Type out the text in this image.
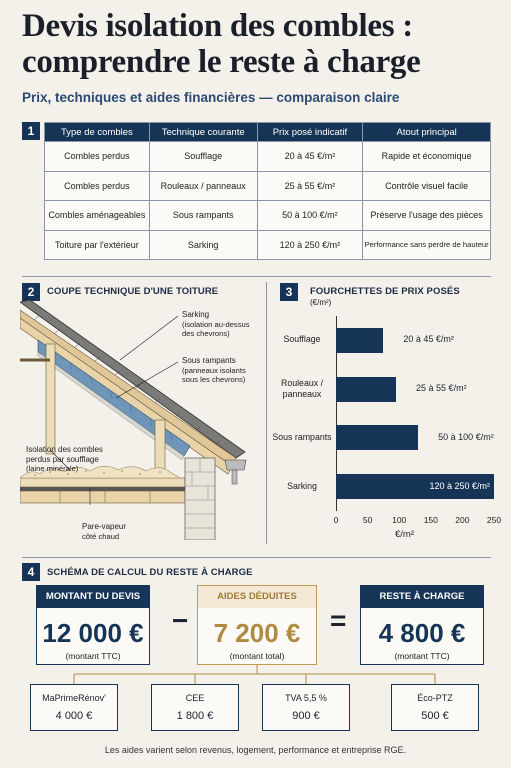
Devis isolation des combles : comprendre le reste à charge
Prix, techniques et aides financières — comparaison claire
1	Type de combles	Technique courante	Prix posé indicatif	Atout principal
Combles perdus	Soufflage	20 à 45 €/m²	Rapide et économique
Combles perdus	Rouleaux / panneaux	25 à 55 €/m²	Contrôle visuel facile
Combles aménageables	Sous rampants	50 à 100 €/m²	Préserve l'usage des pièces
Toiture par l'extérieur	Sarking	120 à 250 €/m²	Performance sans perdre de hauteur
2	COUPE TECHNIQUE D'UNE TOITURE
Sarking
(isolation au-dessus des chevrons)
Sous rampants
(panneaux isolants sous les chevrons)
Isolation des combles perdus par soufflage
(laine minérale)
Pare-vapeur
côté chaud
3	FOURCHETTES DE PRIX POSÉS
(€/m²)
Soufflage	20 à 45 €/m²
Rouleaux / panneaux
25 à 55 €/m²
Sous rampants	50 à 100 €/m²
Sarking	120 à 250 €/m²
0	50	100	150	200	250
€/m²
4	SCHÉMA DE CALCUL DU RESTE À CHARGE
MONTANT DU DEVIS
12 000 €
(montant TTC)
−
AIDES DÉDUITES
7 200 €
(montant total)
=
RESTE À CHARGE
4 800 €
(montant TTC)
MaPrimeRénov'
4 000 €
CEE
1 800 €
TVA 5,5 %
900 €
Éco-PTZ
500 €
Les aides varient selon revenus, logement, performance et entreprise RGE.
